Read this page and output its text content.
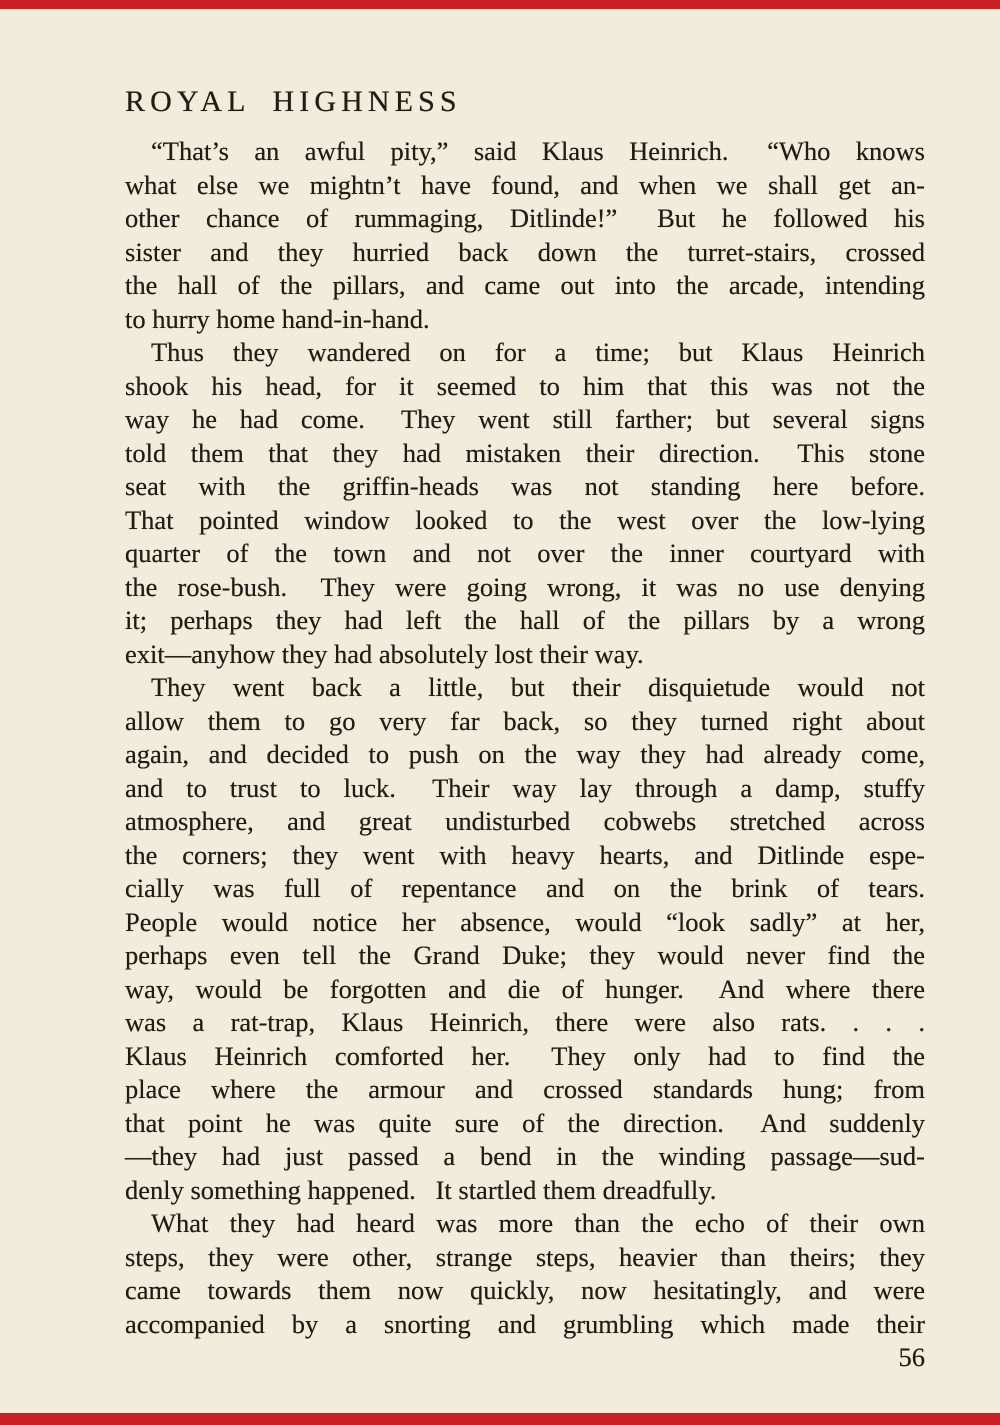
ROYAL HIGHNESS
“That’s an awful pity,” said Klaus Heinrich.  “Who knows
what else we mightn’t have found, and when we shall get an-
other chance of rummaging, Ditlinde!”  But he followed his
sister and they hurried back down the turret-stairs, crossed
the hall of the pillars, and came out into the arcade, intending
to hurry home hand-in-hand.
Thus they wandered on for a time; but Klaus Heinrich
shook his head, for it seemed to him that this was not the
way he had come.  They went still farther; but several signs
told them that they had mistaken their direction.  This stone
seat with the griffin-heads was not standing here before.
That pointed window looked to the west over the low-lying
quarter of the town and not over the inner courtyard with
the rose-bush.  They were going wrong, it was no use denying
it; perhaps they had left the hall of the pillars by a wrong
exit—anyhow they had absolutely lost their way.
They went back a little, but their disquietude would not
allow them to go very far back, so they turned right about
again, and decided to push on the way they had already come,
and to trust to luck.  Their way lay through a damp, stuffy
atmosphere, and great undisturbed cobwebs stretched across
the corners; they went with heavy hearts, and Ditlinde espe-
cially was full of repentance and on the brink of tears.
People would notice her absence, would “look sadly” at her,
perhaps even tell the Grand Duke; they would never find the
way, would be forgotten and die of hunger.  And where there
was a rat-trap, Klaus Heinrich, there were also rats. . . .
Klaus Heinrich comforted her.  They only had to find the
place where the armour and crossed standards hung; from
that point he was quite sure of the direction.  And suddenly
—they had just passed a bend in the winding passage—sud-
denly something happened.  It startled them dreadfully.
What they had heard was more than the echo of their own
steps, they were other, strange steps, heavier than theirs; they
came towards them now quickly, now hesitatingly, and were
accompanied by a snorting and grumbling which made their
56
